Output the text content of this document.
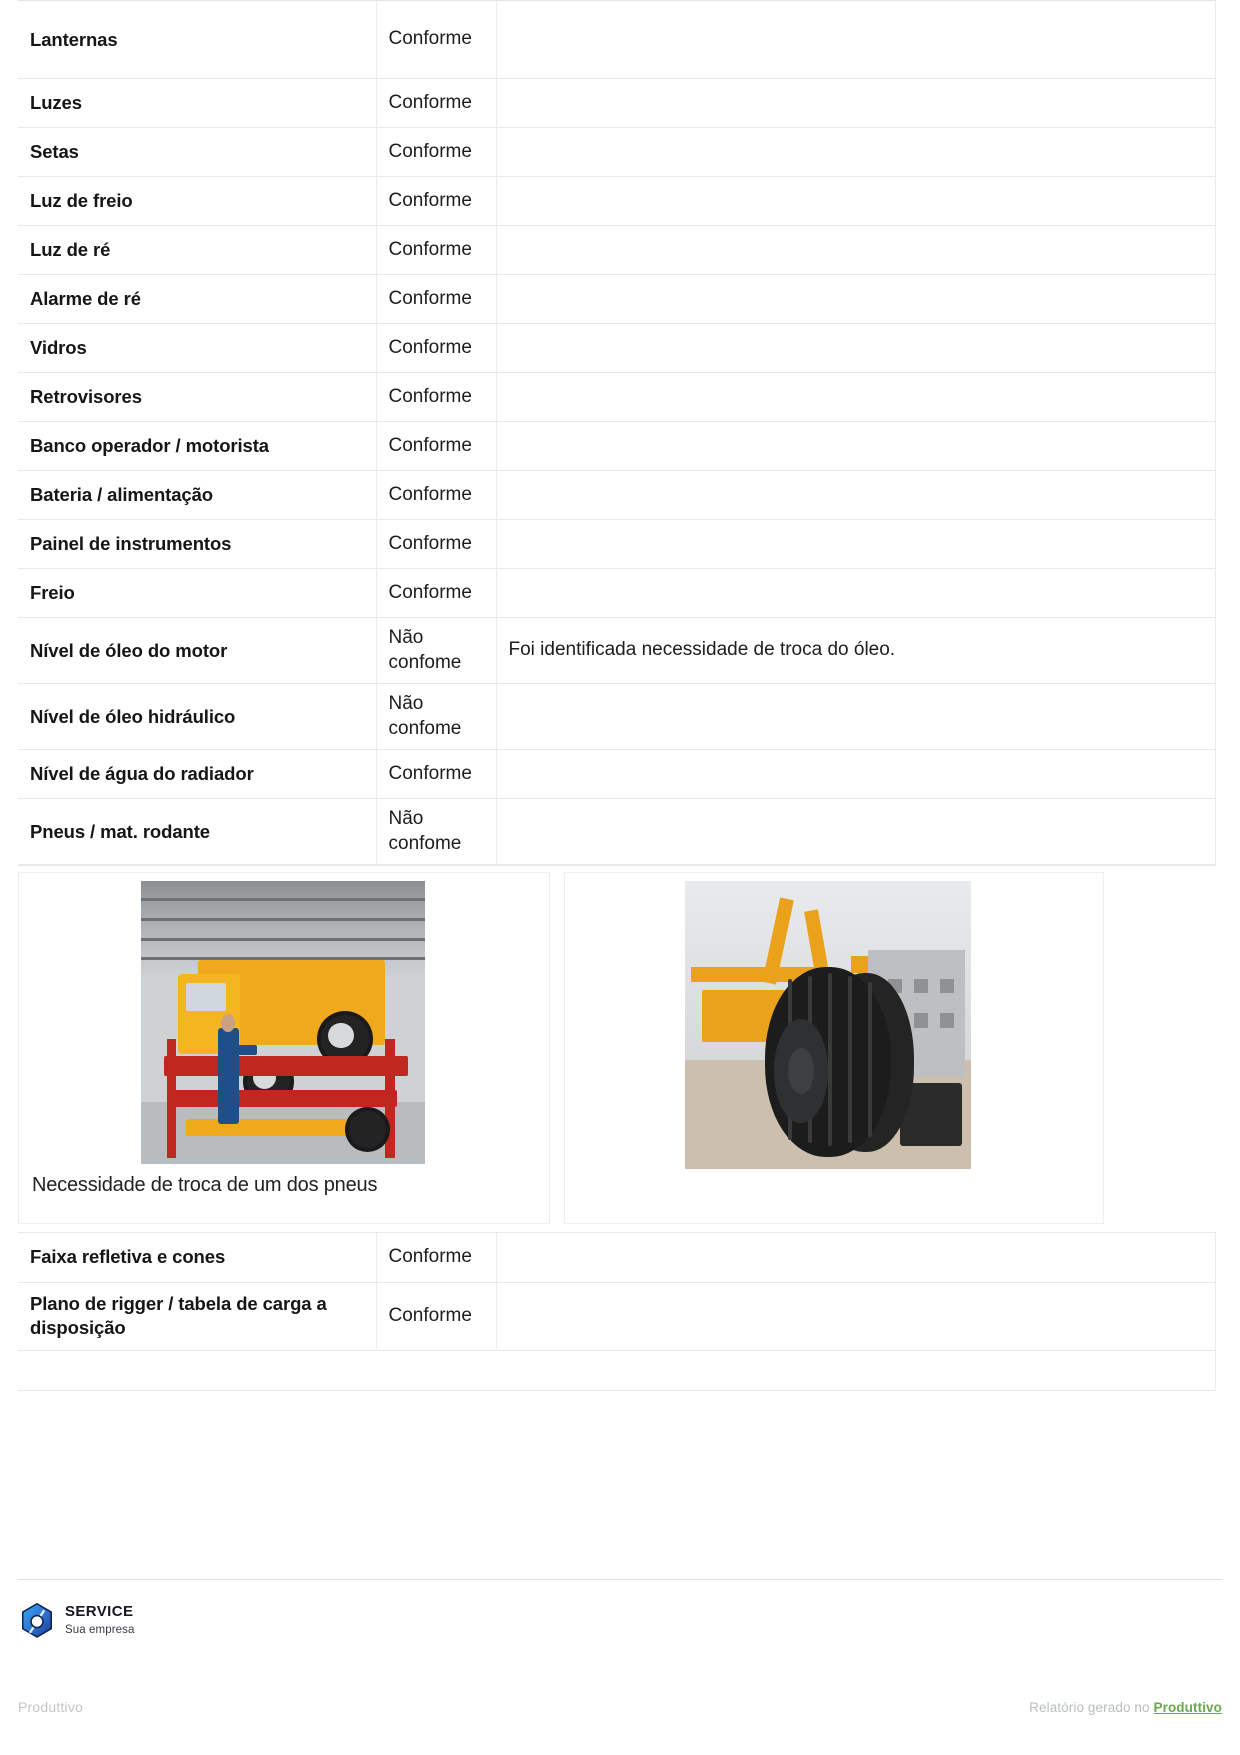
Lanternas	Conforme	
Luzes	Conforme	
Setas	Conforme	
Luz de freio	Conforme	
Luz de ré	Conforme	
Alarme de ré	Conforme	
Vidros	Conforme	
Retrovisores	Conforme	
Banco operador / motorista	Conforme	
Bateria / alimentação	Conforme	
Painel de instrumentos	Conforme	
Freio	Conforme	
Nível de óleo do motor	Não confome	Foi identificada necessidade de troca do óleo.
Nível de óleo hidráulico	Não confome	
Nível de água do radiador	Conforme	
Pneus / mat. rodante	Não confome	
Necessidade de troca de um dos pneus
Faixa refletiva e cones	Conforme	
Plano de rigger / tabela de carga a disposição	Conforme	
SERVICE
Sua empresa
Produttivo	Relatório gerado no Produttivo
